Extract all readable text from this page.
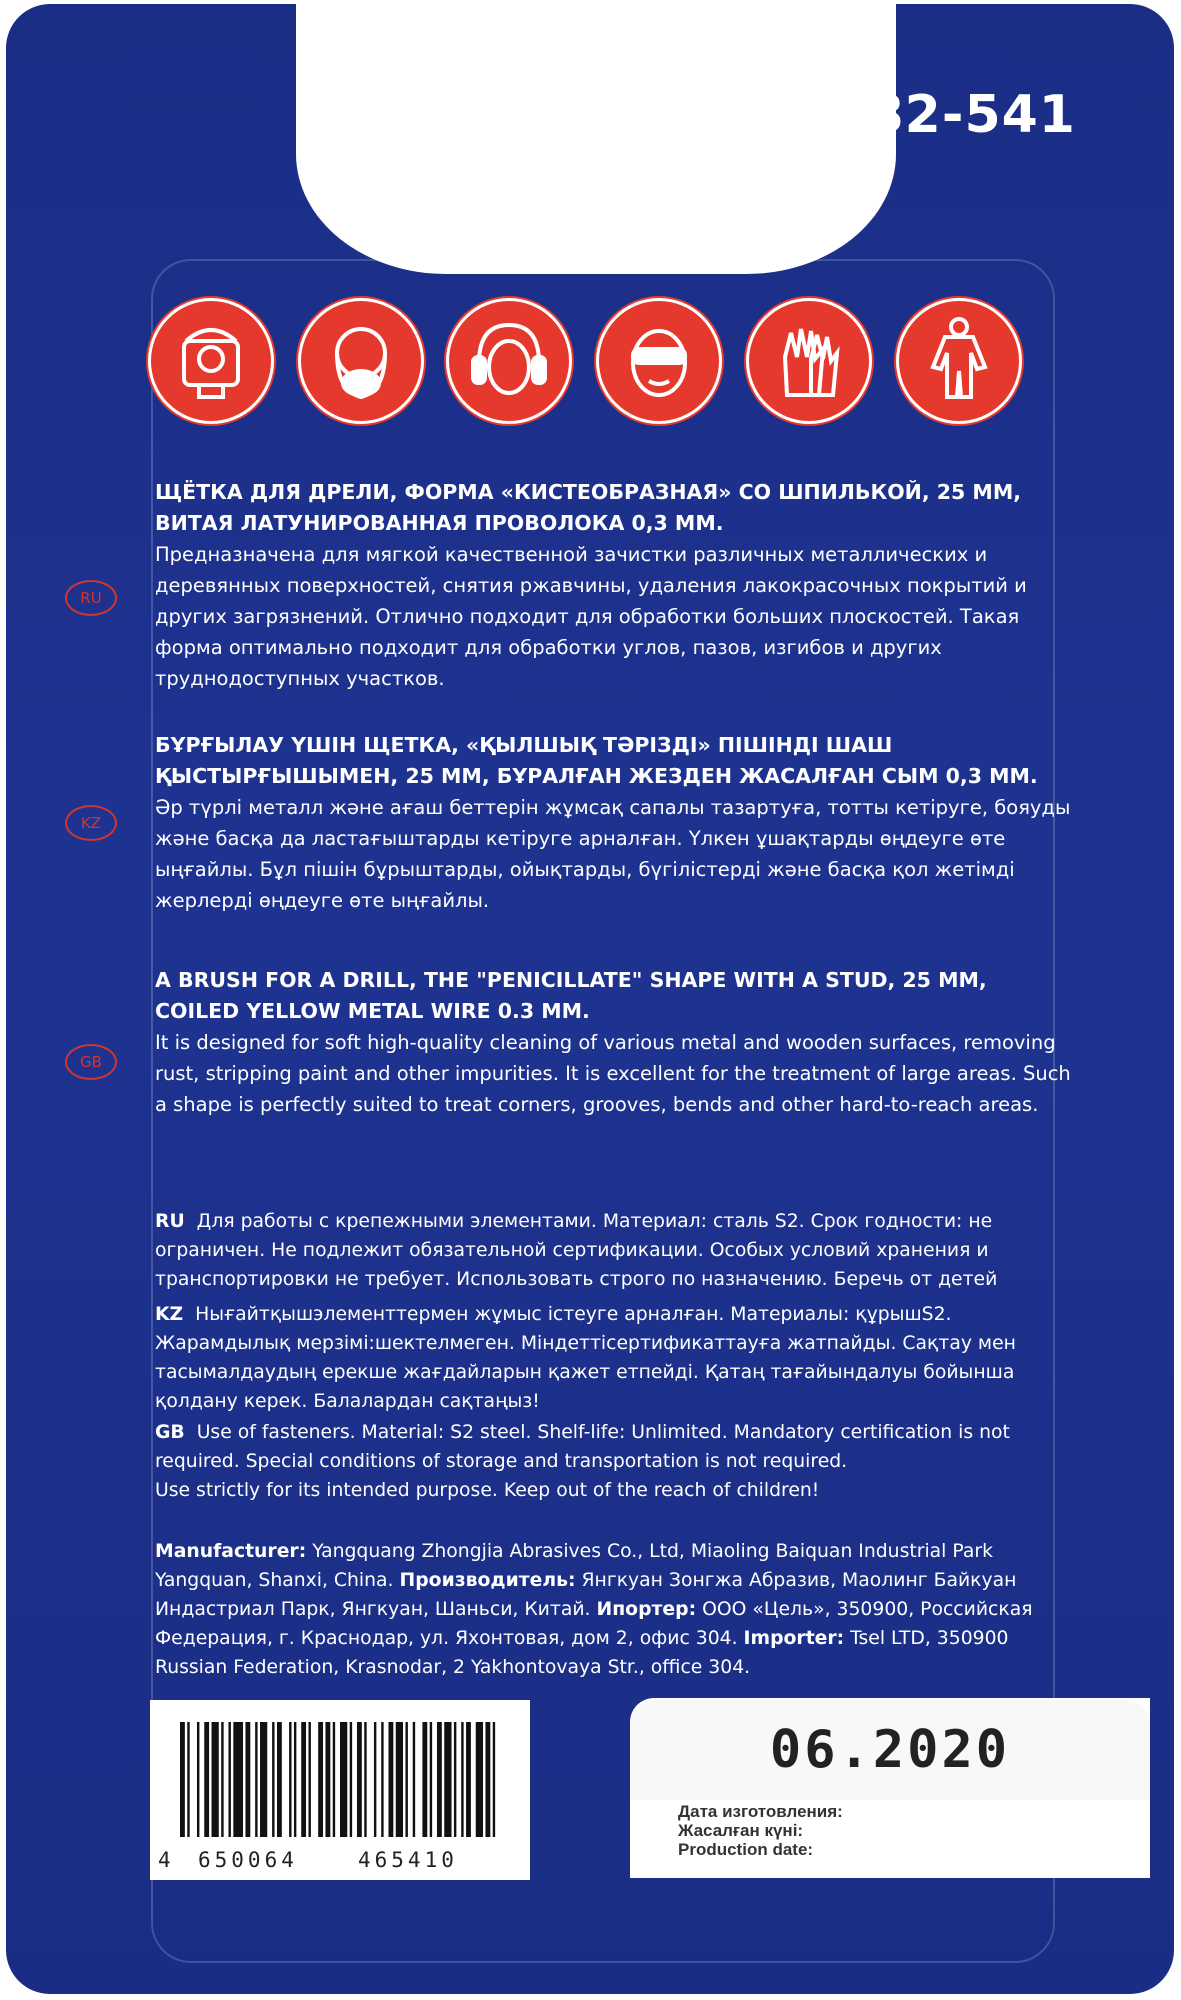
82-541
RU
ЩЁТКА ДЛЯ ДРЕЛИ, ФОРМА «КИСТЕОБРАЗНАЯ» СО ШПИЛЬКОЙ, 25 ММ, ВИТАЯ ЛАТУНИРОВАННАЯ ПРОВОЛОКА 0,3 ММ.
Предназначена для мягкой качественной зачистки различных металлических и деревянных поверхностей, снятия ржавчины, удаления лакокрасочных покрытий и других загрязнений. Отлично подходит для обработки больших плоскостей. Такая форма оптимально подходит для обработки углов, пазов, изгибов и других труднодоступных участков.
KZ
БҰРҒЫЛАУ ҮШІН ЩЕТКА, «ҚЫЛШЫҚ ТӘРІЗДІ» ПІШІНДІ ШАШ ҚЫСТЫРҒЫШЫМЕН, 25 ММ, БҰРАЛҒАН ЖЕЗДЕН ЖАСАЛҒАН СЫМ 0,3 ММ.
Әр түрлі металл және ағаш беттерін жұмсақ сапалы тазартуға, тотты кетіруге, бояуды және басқа да ластағыштарды кетіруге арналған. Үлкен ұшақтарды өңдеуге өте ыңғайлы. Бұл пішін бұрыштарды, ойықтарды, бүгілістерді және басқа қол жетімді жерлерді өңдеуге өте ыңғайлы.
GB
A BRUSH FOR A DRILL, THE "PENICILLATE" SHAPE WITH A STUD, 25 MM, COILED YELLOW METAL WIRE 0.3 MM.
It is designed for soft high-quality cleaning of various metal and wooden surfaces, removing rust, stripping paint and other impurities. It is excellent for the treatment of large areas. Such a shape is perfectly suited to treat corners, grooves, bends and other hard-to-reach areas.
RU Для работы с крепежными элементами. Материал: сталь S2. Срок годности: не ограничен. Не подлежит обязательной сертификации. Особых условий хранения и транспортировки не требует. Использовать строго по назначению. Беречь от детей
KZ Нығайтқышэлементтермен жұмыс істеуге арналған. Материалы: құрышS2. Жарамдылық мерзімі:шектелмеген. Міндеттісертификаттауға жатпайды. Сақтау мен тасымалдаудың ерекше жағдайларын қажет етпейді. Қатаң тағайындалуы бойынша қолдану керек. Балалардан сақтаңыз!
GB Use of fasteners. Material: S2 steel. Shelf-life: Unlimited. Mandatory certification is not required. Special conditions of storage and transportation is not required.
Use strictly for its intended purpose. Keep out of the reach of children!
Manufacturer: Yangquang Zhongjia Abrasives Co., Ltd, Miaoling Baiquan Industrial Park Yangquan, Shanxi, China. Производитель: Янгкуан Зонгжа Абразив, Маолинг Байкуан Индастриал Парк, Янгкуан, Шаньси, Китай. Ипортер: ООО «Цель», 350900, Российская Федерация, г. Краснодар, ул. Яхонтовая, дом 2, офис 304. Importer: Tsel LTD, 350900 Russian Federation, Krasnodar, 2 Yakhontovaya Str., office 304.
4 650064	465410
06.2020
Дата изготовления:
Жасалған күні:
Production date:
